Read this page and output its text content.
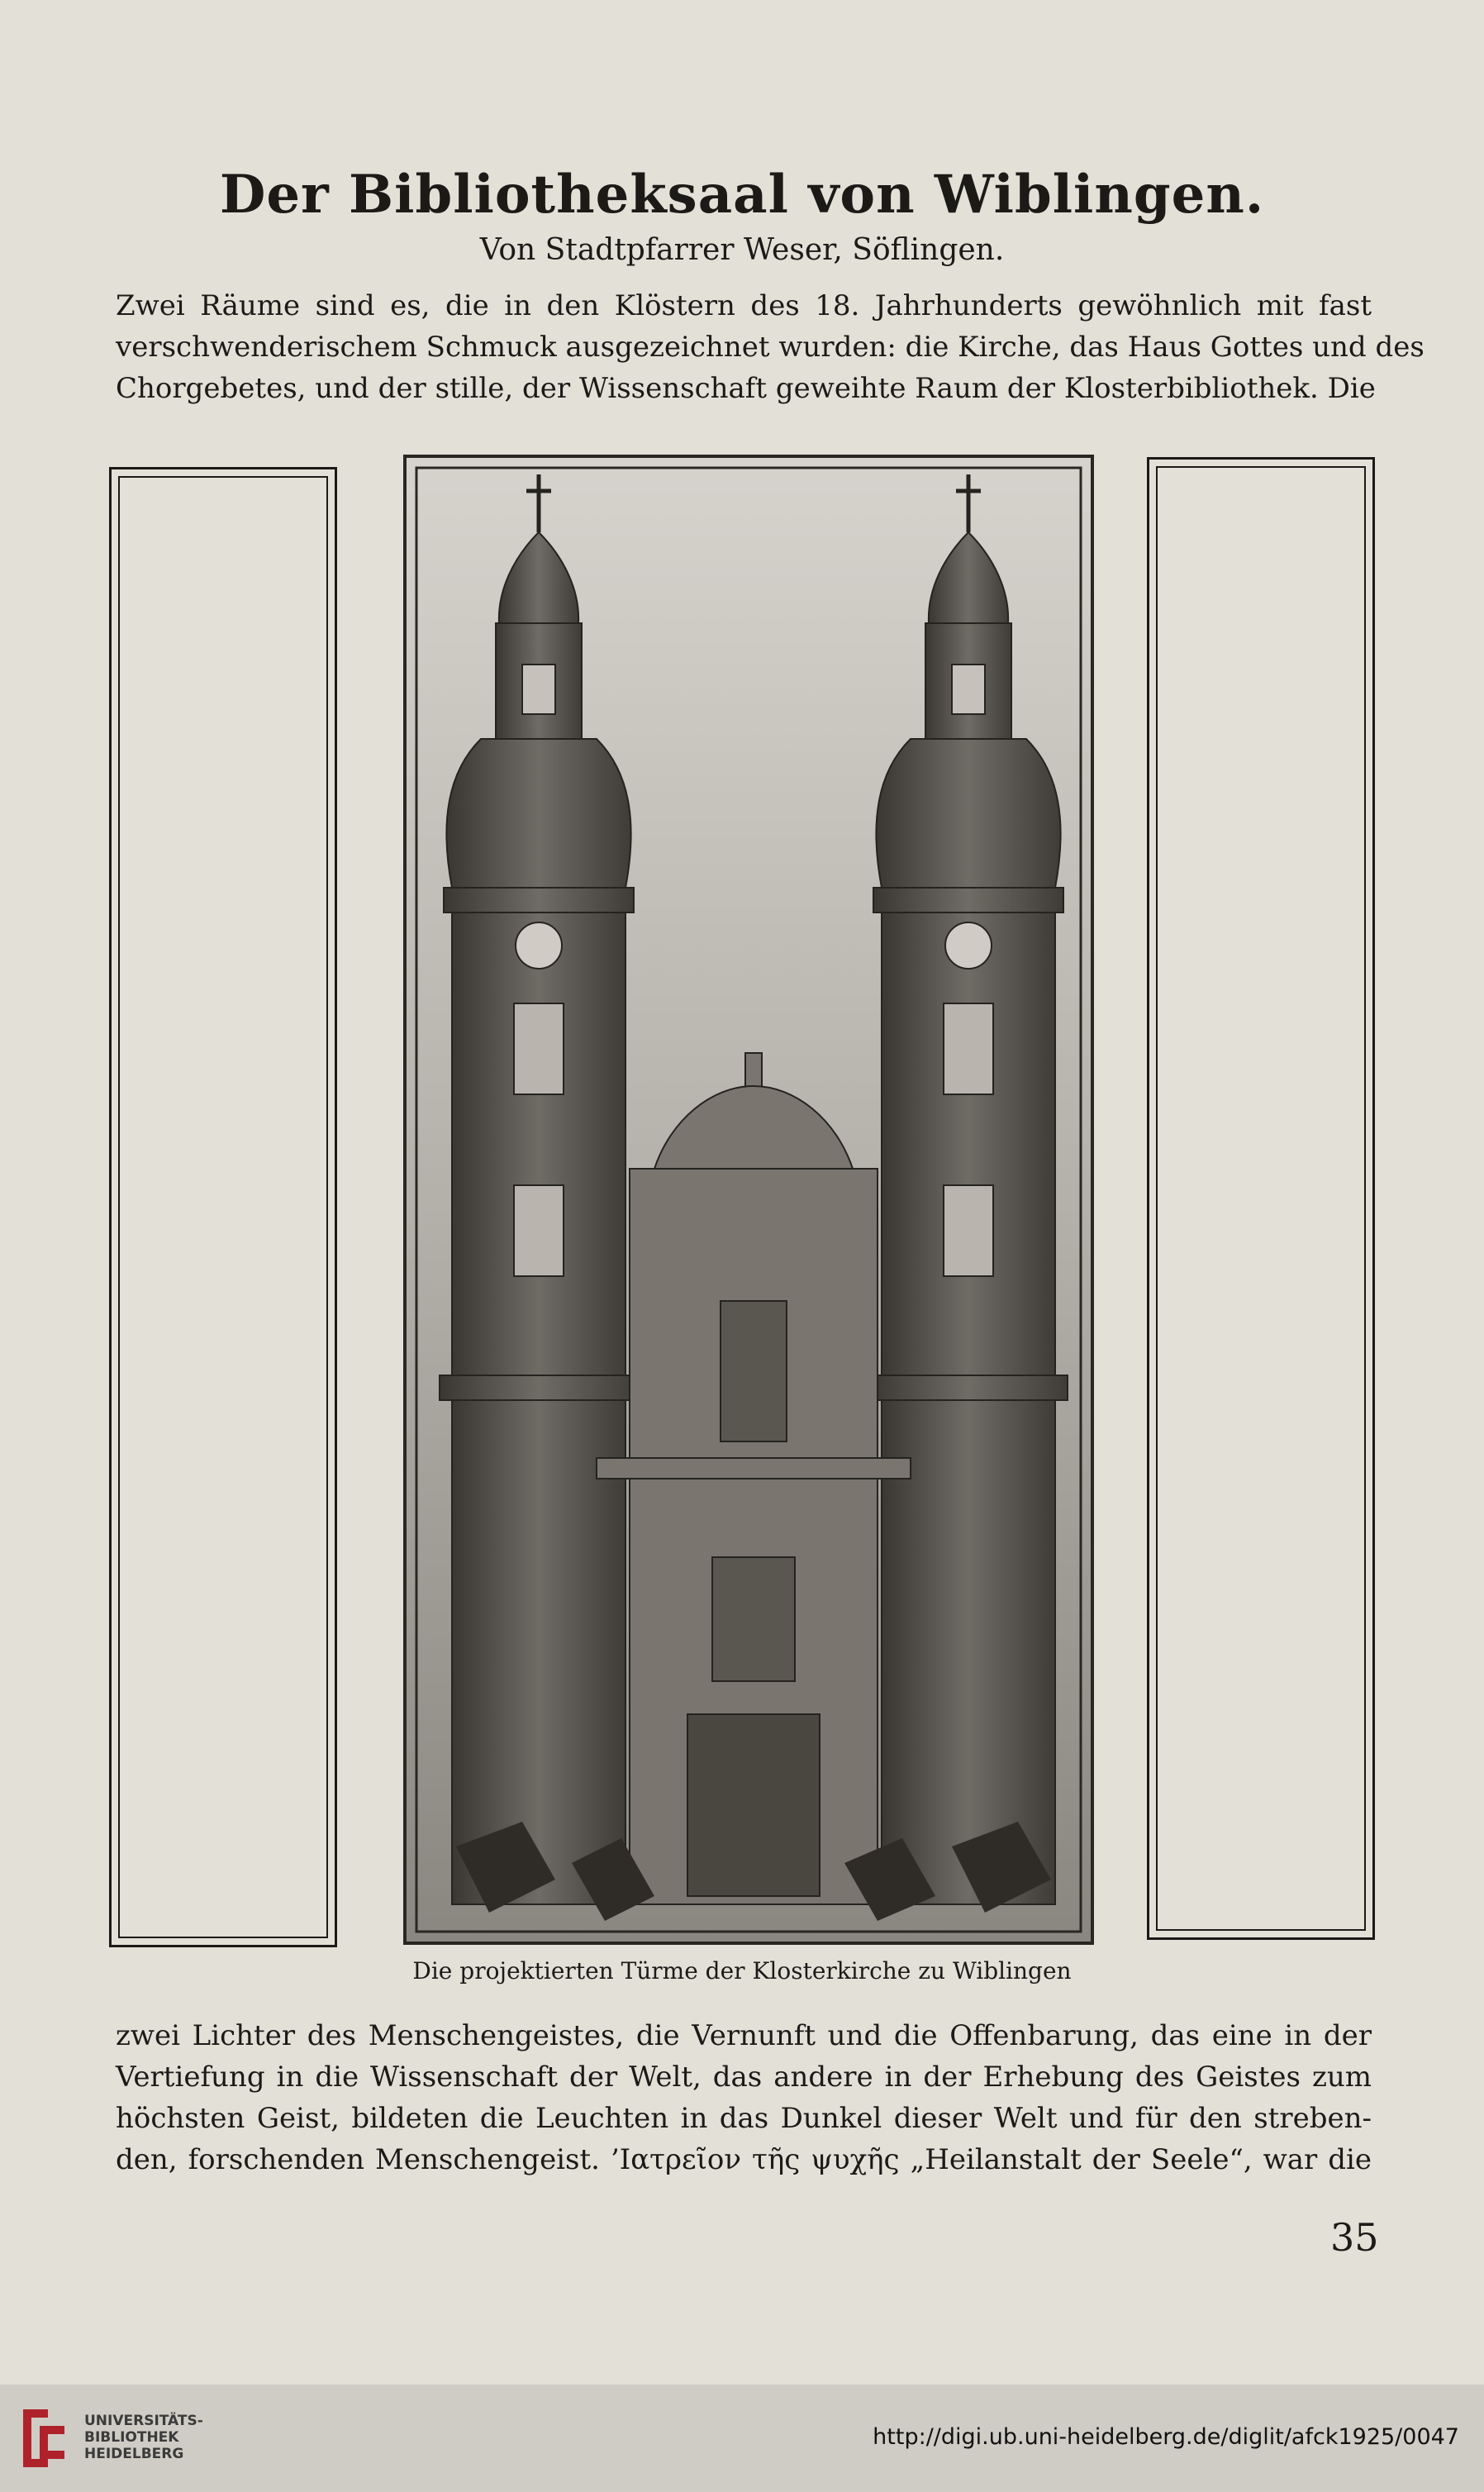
Der Bibliotheksaal von Wiblingen.
Von Stadtpfarrer Weser, Söflingen.
Zwei Räume sind es, die in den Klöstern des 18. Jahrhunderts gewöhnlich mit fast
verschwenderischem Schmuck ausgezeichnet wurden: die Kirche, das Haus Gottes und des
Chorgebetes, und der stille, der Wissenschaft geweihte Raum der Klosterbibliothek. Die
Die projektierten Türme der Klosterkirche zu Wiblingen
zwei Lichter des Menschengeistes, die Vernunft und die Offenbarung, das eine in der
Vertiefung in die Wissenschaft der Welt, das andere in der Erhebung des Geistes zum
höchsten Geist, bildeten die Leuchten in das Dunkel dieser Welt und für den streben-
den, forschenden Menschengeist. ’Ιατρεῖον τῆς ψυχῆς „Heilanstalt der Seele“, war die
35
UNIVERSITÄTS-
BIBLIOTHEK
HEIDELBERG
http://digi.ub.uni-heidelberg.de/diglit/afck1925/0047
